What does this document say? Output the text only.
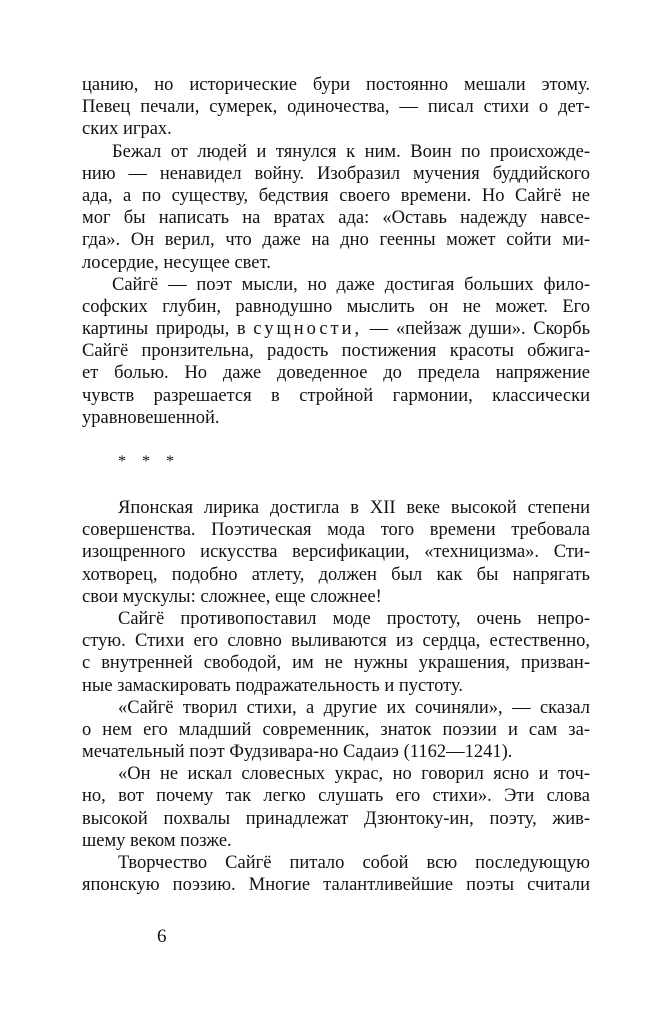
цанию, но исторические бури постоянно мешали этому.
Певец печали, сумерек, одиночества, — писал стихи о дет-
ских играх.
Бежал от людей и тянулся к ним. Воин по происхожде-
нию — ненавидел войну. Изобразил мучения буддийского
ада, а по существу, бедствия своего времени. Но Сайгё не
мог бы написать на вратах ада: «Оставь надежду навсе-
гда». Он верил, что даже на дно геенны может сойти ми-
лосердие, несущее свет.
Сайгё — поэт мысли, но даже достигая больших фило-
софских глубин, равнодушно мыслить он не может. Его
картины природы, в сущности, — «пейзаж души». Скорбь
Сайгё пронзительна, радость постижения красоты обжига-
ет болью. Но даже доведенное до предела напряжение
чувств разрешается в стройной гармонии, классически
уравновешенной.
* * *
Японская лирика достигла в XII веке высокой степени
совершенства. Поэтическая мода того времени требовала
изощренного искусства версификации, «техницизма». Сти-
хотворец, подобно атлету, должен был как бы напрягать
свои мускулы: сложнее, еще сложнее!
Сайгё противопоставил моде простоту, очень непро-
стую. Стихи его словно выливаются из сердца, естественно,
с внутренней свободой, им не нужны украшения, призван-
ные замаскировать подражательность и пустоту.
«Сайгё творил стихи, а другие их сочиняли», — сказал
о нем его младший современник, знаток поэзии и сам за-
мечательный поэт Фудзивара-но Садаиэ (1162—1241).
«Он не искал словесных украс, но говорил ясно и точ-
но, вот почему так легко слушать его стихи». Эти слова
высокой похвалы принадлежат Дзюнтоку-ин, поэту, жив-
шему веком позже.
Творчество Сайгё питало собой всю последующую
японскую поэзию. Многие талантливейшие поэты считали
6
